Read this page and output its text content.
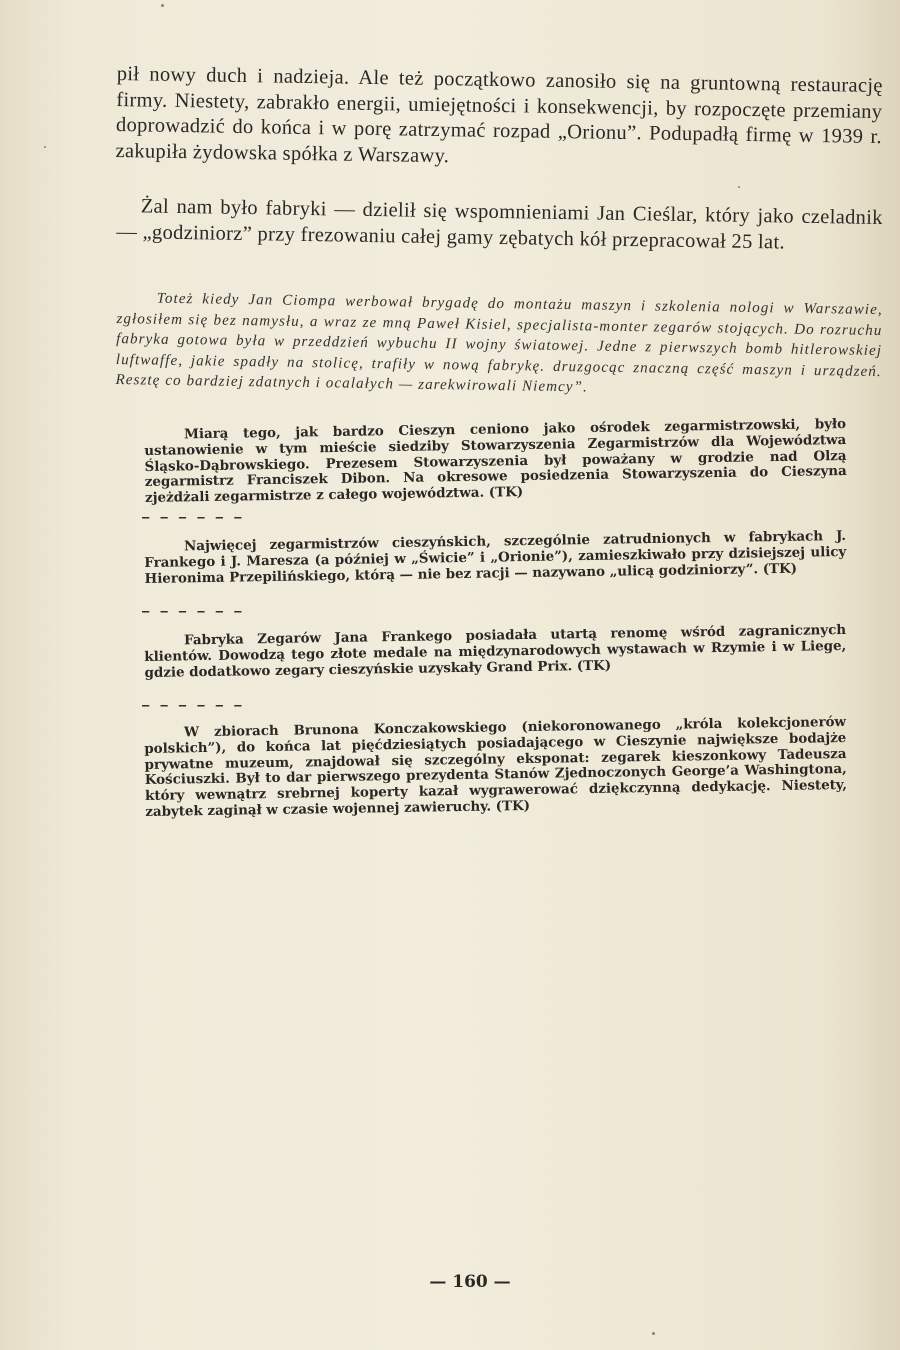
pił nowy duch i nadzieja. Ale też początkowo zanosiło się na gruntowną restaurację firmy. Niestety, zabrakło energii, umiejętności i konsekwencji, by rozpoczęte przemiany doprowadzić do końca i w porę zatrzymać rozpad „Orionu”. Podupadłą firmę w 1939 r. zakupiła żydowska spółka z Warszawy.

Żal nam było fabryki — dzielił się wspomnieniami Jan Cieślar, który jako czeladnik — „godziniorz” przy frezowaniu całej gamy zębatych kół przepracował 25 lat.

Toteż kiedy Jan Ciompa werbował brygadę do montażu maszyn i szkolenia nologi w Warszawie, zgłosiłem się bez namysłu, a wraz ze mną Paweł Kisiel, specjalista-monter zegarów stojących. Do rozruchu fabryka gotowa była w przeddzień wybuchu II wojny światowej. Jedne z pierwszych bomb hitlerowskiej luftwaffe, jakie spadły na stolicę, trafiły w nową fabrykę. druzgocąc znaczną część maszyn i urządzeń. Resztę co bardziej zdatnych i ocalałych — zarekwirowali Niemcy”.

Miarą tego, jak bardzo Cieszyn ceniono jako ośrodek zegarmistrzowski, było ustanowienie w tym mieście siedziby Stowarzyszenia Zegarmistrzów dla Województwa Śląsko-Dąbrowskiego. Prezesem Stowarzyszenia był poważany w grodzie nad Olzą zegarmistrz Franciszek Dibon. Na okresowe posiedzenia Stowarzyszenia do Cieszyna zjeżdżali zegarmistrze z całego województwa. (TK)

— — — — — —

Najwięcej zegarmistrzów cieszyńskich, szczególnie zatrudnionych w fabrykach J. Frankego i J. Maresza (a później w „Świcie” i „Orionie”), zamieszkiwało przy dzisiejszej ulicy Hieronima Przepilińskiego, którą — nie bez racji — nazywano „ulicą godziniorzy”. (TK)

— — — — — —

Fabryka Zegarów Jana Frankego posiadała utartą renomę wśród zagranicznych klientów. Dowodzą tego złote medale na międzynarodowych wystawach w Rzymie i w Liege, gdzie dodatkowo zegary cieszyńskie uzyskały Grand Prix. (TK)

— — — — — —

W zbiorach Brunona Konczakowskiego (niekoronowanego „króla kolekcjonerów polskich”), do końca lat pięćdziesiątych posiadającego w Cieszynie największe bodajże prywatne muzeum, znajdował się szczególny eksponat: zegarek kieszonkowy Tadeusza Kościuszki. Był to dar pierwszego prezydenta Stanów Zjednoczonych George’a Washingtona, który wewnątrz srebrnej koperty kazał wygrawerować dziękczynną dedykację. Niestety, zabytek zaginął w czasie wojennej zawieruchy. (TK)

— 160 —
